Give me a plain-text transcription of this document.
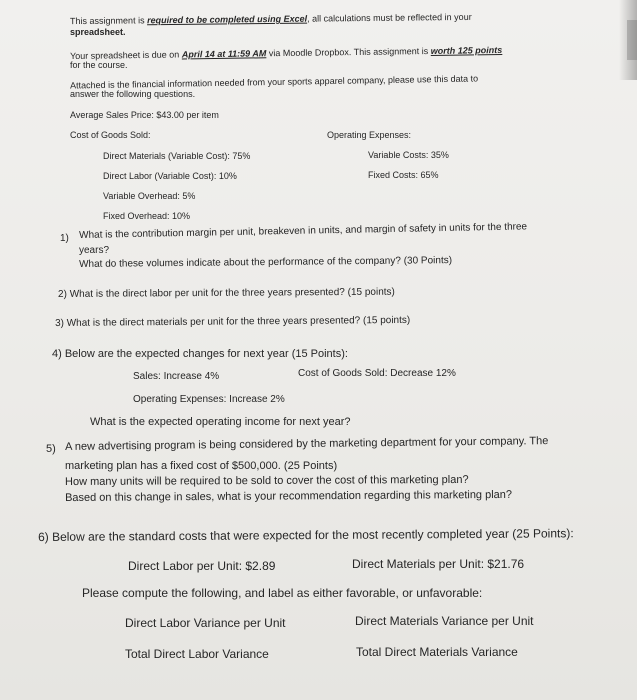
This assignment is required to be completed using Excel, all calculations must be reflected in your
spreadsheet.
Your spreadsheet is due on April 14 at 11:59 AM via Moodle Dropbox. This assignment is worth 125 points
for the course.
Attached is the financial information needed from your sports apparel company, please use this data to
answer the following questions.
Average Sales Price: $43.00 per item
Cost of Goods Sold:	Operating Expenses:
Direct Materials (Variable Cost): 75%	Variable Costs: 35%
Direct Labor (Variable Cost): 10%	Fixed Costs: 65%
Variable Overhead: 5%
Fixed Overhead: 10%
1) What is the contribution margin per unit, breakeven in units, and margin of safety in units for the three
years?
What do these volumes indicate about the performance of the company? (30 Points)
2) What is the direct labor per unit for the three years presented? (15 points)
3) What is the direct materials per unit for the three years presented? (15 points)
4) Below are the expected changes for next year (15 Points):
Sales: Increase 4%	Cost of Goods Sold: Decrease 12%
Operating Expenses: Increase 2%
What is the expected operating income for next year?
5) A new advertising program is being considered by the marketing department for your company. The
marketing plan has a fixed cost of $500,000. (25 Points)
How many units will be required to be sold to cover the cost of this marketing plan?
Based on this change in sales, what is your recommendation regarding this marketing plan?
6) Below are the standard costs that were expected for the most recently completed year (25 Points):
Direct Labor per Unit: $2.89	Direct Materials per Unit: $21.76
Please compute the following, and label as either favorable, or unfavorable:
Direct Labor Variance per Unit	Direct Materials Variance per Unit
Total Direct Labor Variance	Total Direct Materials Variance
